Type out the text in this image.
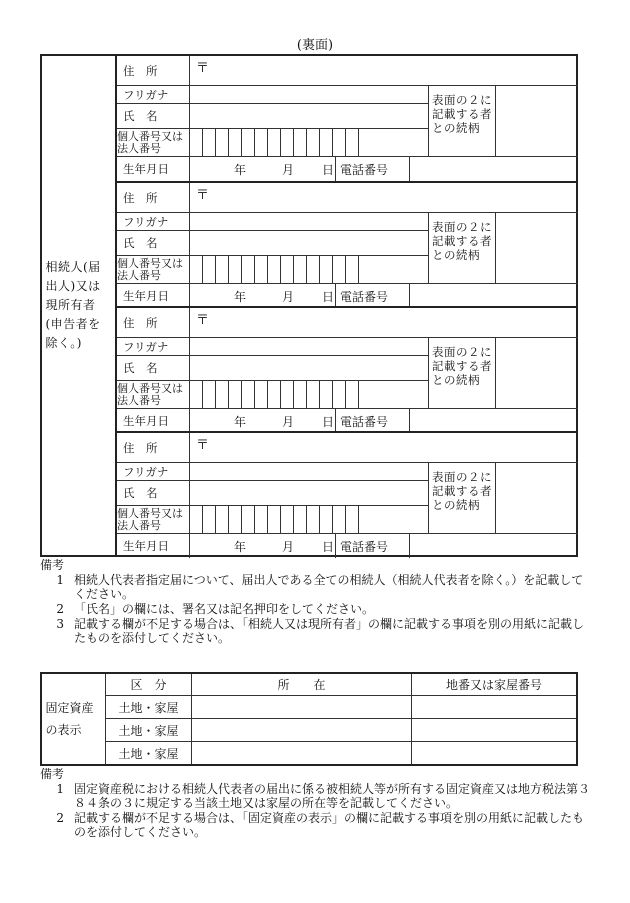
(裏面)
相続人(届出人)又は現所有者(申告者を除く。)
住　所	〒
フリガナ
氏　名
表面の２に記載する者との続柄
個人番号又は法人番号
生年月日	年	月 日 電話番号
住　所	〒
フリガナ
氏　名
表面の２に記載する者との続柄
個人番号又は法人番号
生年月日	年	月 日 電話番号
住　所	〒
フリガナ
氏　名
表面の２に記載する者との続柄
個人番号又は法人番号
生年月日	年	月 日 電話番号
住　所	〒
フリガナ
氏　名
表面の２に記載する者との続柄
個人番号又は法人番号
生年月日	年	月 日 電話番号
備考
1 相続人代表者指定届について、届出人である全ての相続人（相続人代表者を除く。）を記載してください。
2 「氏名」の欄には、署名又は記名押印をしてください。
3 記載する欄が不足する場合は、「相続人又は現所有者」の欄に記載する事項を別の用紙に記載したものを添付してください。
固定資産の表示
区　分	所　　在	地番又は家屋番号
土地・家屋
土地・家屋
土地・家屋
備考
1 固定資産税における相続人代表者の届出に係る被相続人等が所有する固定資産又は地方税法第３８４条の３に規定する当該土地又は家屋の所在等を記載してください。
2 記載する欄が不足する場合は、「固定資産の表示」の欄に記載する事項を別の用紙に記載したものを添付してください。
